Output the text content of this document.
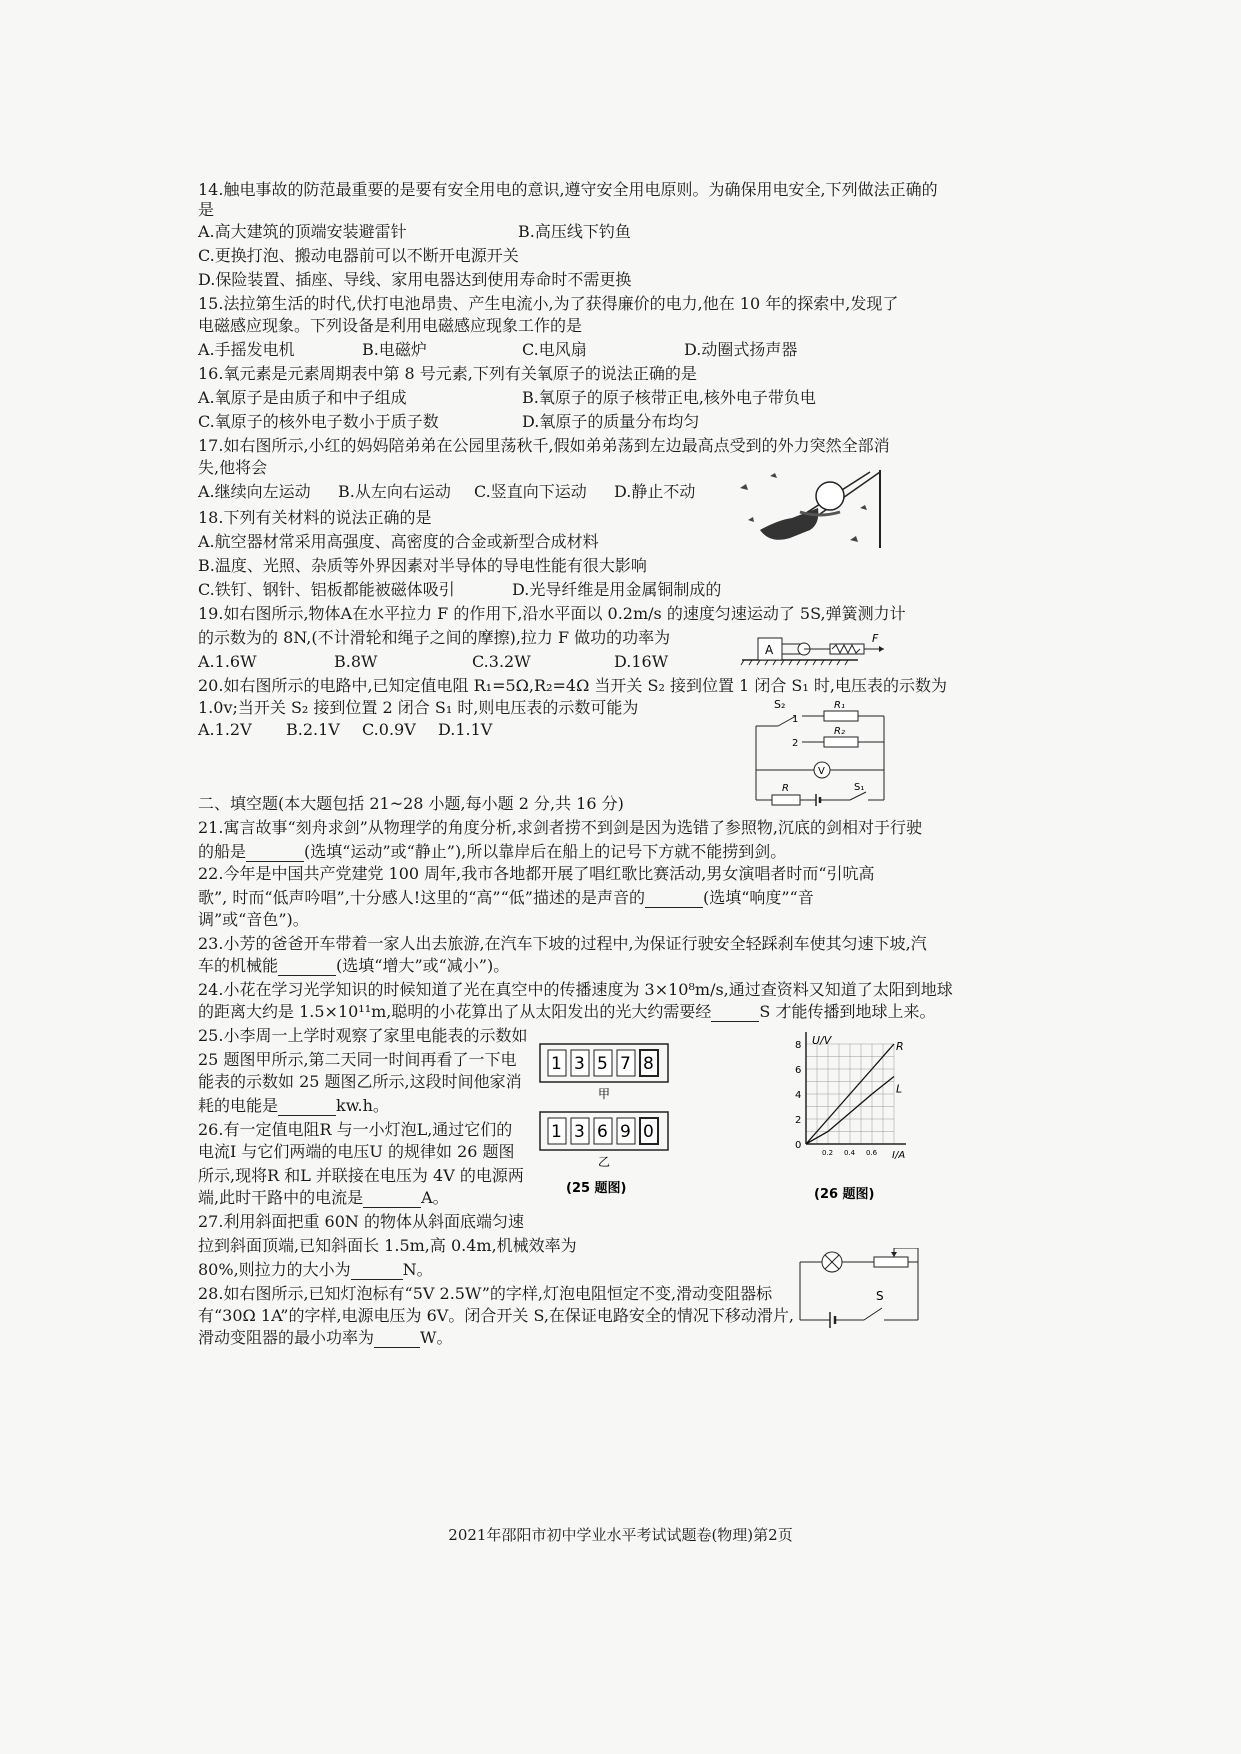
14.触电事故的防范最重要的是要有安全用电的意识,遵守安全用电原则。为确保用电安全,下列做法正确的
是
A.高大建筑的顶端安装避雷针	B.高压线下钓鱼
C.更换打泡、搬动电器前可以不断开电源开关
D.保险装置、插座、导线、家用电器达到使用寿命时不需更换
15.法拉第生活的时代,伏打电池昂贵、产生电流小,为了获得廉价的电力,他在 10 年的探索中,发现了
电磁感应现象。下列设备是利用电磁感应现象工作的是
A.手摇发电机	B.电磁炉	C.电风扇	D.动圈式扬声器
16.氧元素是元素周期表中第 8 号元素,下列有关氧原子的说法正确的是
A.氧原子是由质子和中子组成	B.氧原子的原子核带正电,核外电子带负电
C.氧原子的核外电子数小于质子数	D.氧原子的质量分布均匀
17.如右图所示,小红的妈妈陪弟弟在公园里荡秋千,假如弟弟荡到左边最高点受到的外力突然全部消
失,他将会
A.继续向左运动 B.从左向右运动 C.竖直向下运动 D.静止不动
18.下列有关材料的说法正确的是
A.航空器材常采用高强度、高密度的合金或新型合成材料
B.温度、光照、杂质等外界因素对半导体的导电性能有很大影响
C.铁钉、钢针、铝板都能被磁体吸引	D.光导纤维是用金属铜制成的
19.如右图所示,物体A在水平拉力 F 的作用下,沿水平面以 0.2m/s 的速度匀速运动了 5S,弹簧测力计
的示数为的 8N,(不计滑轮和绳子之间的摩擦),拉力 F 做功的功率为
A.1.6W	B.8W	C.3.2W	D.16W
A
F
20.如右图所示的电路中,已知定值电阻 R₁=5Ω,R₂=4Ω 当开关 S₂ 接到位置 1 闭合 S₁ 时,电压表的示数为
1.0v;当开关 S₂ 接到位置 2 闭合 S₁ 时,则电压表的示数可能为
A.1.2V B.2.1V C.0.9V D.1.1V
S₂
1
R₁
2
R₂
V
R	S₁
二、填空题(本大题包括 21~28 小题,每小题 2 分,共 16 分)
21.寓言故事“刻舟求剑”从物理学的角度分析,求剑者捞不到剑是因为选错了参照物,沉底的剑相对于行驶
的船是	(选填“运动”或“静止”),所以靠岸后在船上的记号下方就不能捞到剑。
22.今年是中国共产党建党 100 周年,我市各地都开展了唱红歌比赛活动,男女演唱者时而“引吭高
歌”, 时而“低声吟唱”,十分感人!这里的“高”“低”描述的是声音的	(选填“响度”“音
调”或“音色”)。
23.小芳的爸爸开车带着一家人出去旅游,在汽车下坡的过程中,为保证行驶安全轻踩刹车使其匀速下坡,汽
车的机械能	(选填“增大”或“减小”)。
24.小花在学习光学知识的时候知道了光在真空中的传播速度为 3×10⁸m/s,通过查资料又知道了太阳到地球
的距离大约是 1.5×10¹¹m,聪明的小花算出了从太阳发出的光大约需要经	S 才能传播到地球上来。
25.小李周一上学时观察了家里电能表的示数如
25 题图甲所示,第二天同一时间再看了一下电
能表的示数如 25 题图乙所示,这段时间他家消
耗的电能是	kw.h。
1 3 5 7 8
甲
1 3 6 9 0
乙
(25 题图)
0
2
4
6
8
0.2 0.4 0.6
R
L
U/V
I/A
(26 题图)
26.有一定值电阻R 与一小灯泡L,通过它们的
电流I 与它们两端的电压U 的规律如 26 题图
所示,现将R 和L 并联接在电压为 4V 的电源两
端,此时干路中的电流是	A。
27.利用斜面把重 60N 的物体从斜面底端匀速
拉到斜面顶端,已知斜面长 1.5m,高 0.4m,机械效率为
80%,则拉力的大小为	N。
28.如右图所示,已知灯泡标有“5V 2.5W”的字样,灯泡电阻恒定不变,滑动变阻器标
有“30Ω 1A”的字样,电源电压为 6V。闭合开关 S,在保证电路安全的情况下移动滑片,
滑动变阻器的最小功率为	W。
S
2021年邵阳市初中学业水平考试试题卷(物理)第2页
